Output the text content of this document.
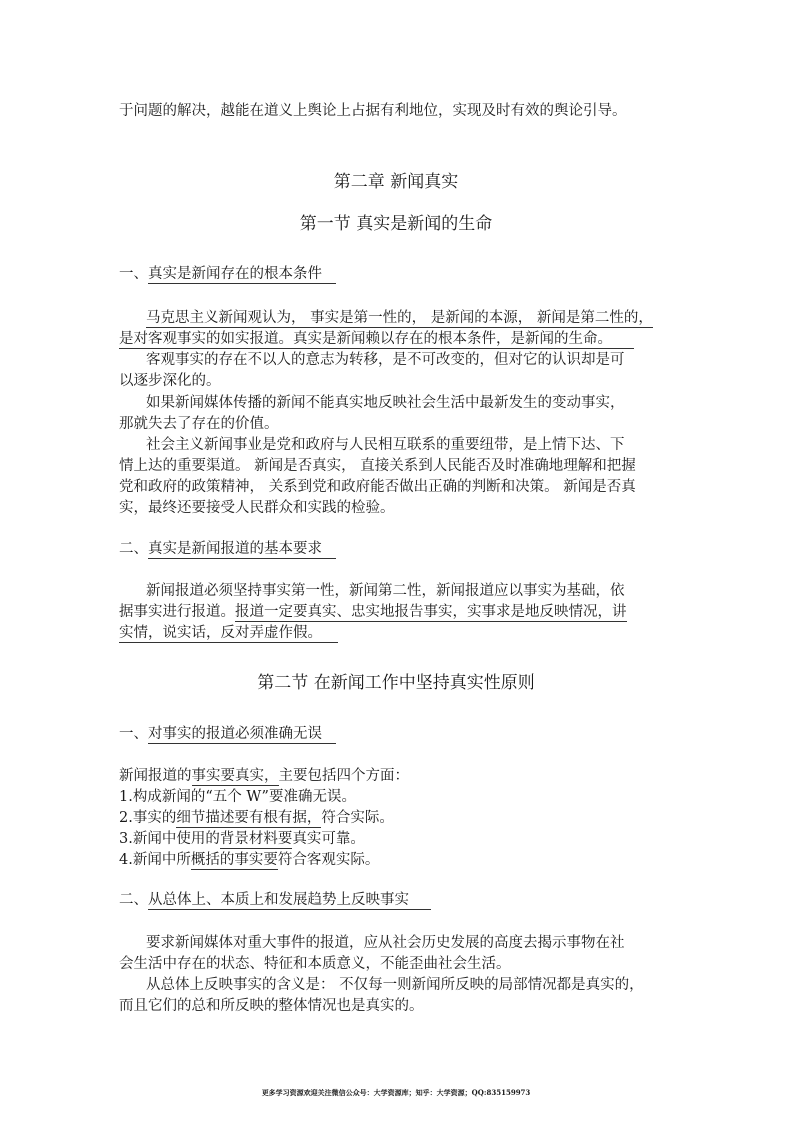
于问题的解决，越能在道义上舆论上占据有利地位，实现及时有效的舆论引导。
第二章 新闻真实
第一节 真实是新闻的生命
一、真实是新闻存在的根本条件
马克思主义新闻观认为， 事实是第一性的， 是新闻的本源， 新闻是第二性的，
是对客观事实的如实报道。真实是新闻赖以存在的根本条件，是新闻的生命。
客观事实的存在不以人的意志为转移，是不可改变的，但对它的认识却是可
以逐步深化的。
如果新闻媒体传播的新闻不能真实地反映社会生活中最新发生的变动事实，
那就失去了存在的价值。
社会主义新闻事业是党和政府与人民相互联系的重要纽带，是上情下达、下
情上达的重要渠道。 新闻是否真实， 直接关系到人民能否及时准确地理解和把握
党和政府的政策精神， 关系到党和政府能否做出正确的判断和决策。 新闻是否真
实，最终还要接受人民群众和实践的检验。
二、真实是新闻报道的基本要求
新闻报道必须坚持事实第一性，新闻第二性，新闻报道应以事实为基础，依
据事实进行报道。报道一定要真实、忠实地报告事实，实事求是地反映情况，讲
实情，说实话，反对弄虚作假。
第二节 在新闻工作中坚持真实性原则
一、对事实的报道必须准确无误
新闻报道的事实要真实，主要包括四个方面：
1.构成新闻的“五个 W”要准确无误。
2.事实的细节描述要有根有据，符合实际。
3.新闻中使用的背景材料要真实可靠。
4.新闻中所概括的事实要符合客观实际。
二、从总体上、本质上和发展趋势上反映事实
要求新闻媒体对重大事件的报道，应从社会历史发展的高度去揭示事物在社
会生活中存在的状态、特征和本质意义，不能歪曲社会生活。
从总体上反映事实的含义是： 不仅每一则新闻所反映的局部情况都是真实的，
而且它们的总和所反映的整体情况也是真实的。
更多学习资源欢迎关注微信公众号：大学资源库；知乎：大学资源；QQ:835159973
